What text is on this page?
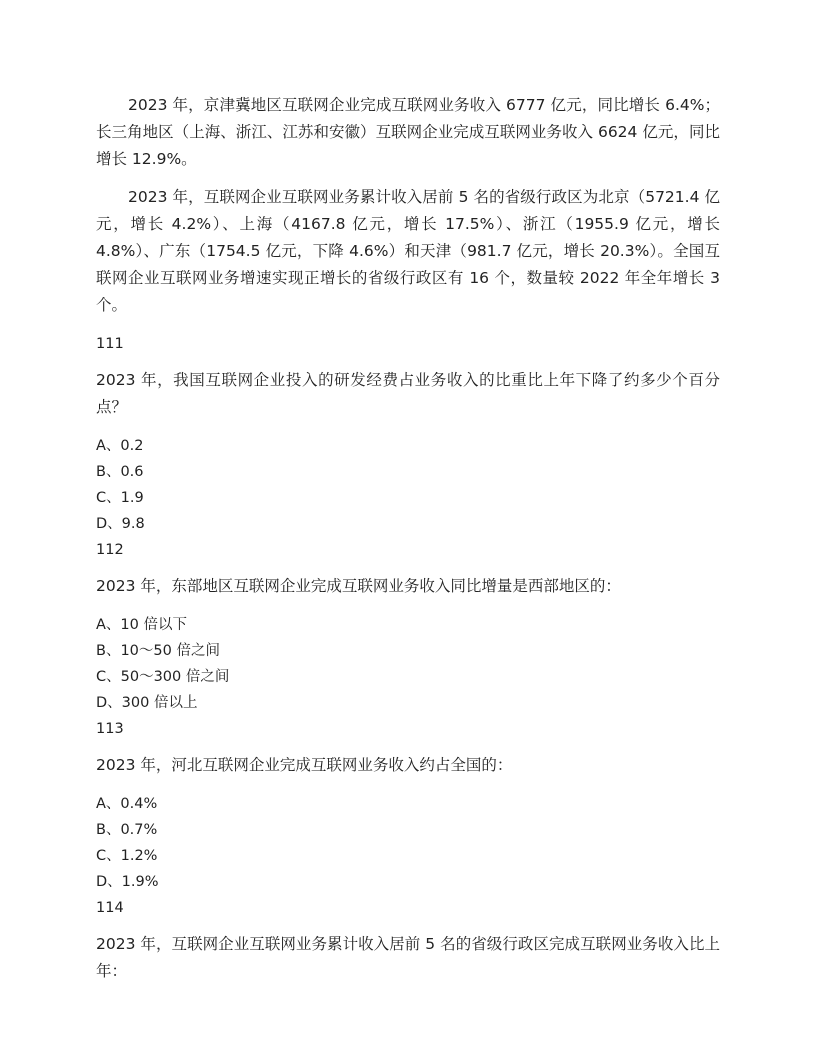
2023 年，京津冀地区互联网企业完成互联网业务收入 6777 亿元，同比增长 6.4%；长三角地区（上海、浙江、江苏和安徽）互联网企业完成互联网业务收入 6624 亿元，同比增长 12.9%。

2023 年，互联网企业互联网业务累计收入居前 5 名的省级行政区为北京（5721.4 亿元，增长 4.2%）、上海（4167.8 亿元，增长 17.5%）、浙江（1955.9 亿元，增长 4.8%）、广东（1754.5 亿元，下降 4.6%）和天津（981.7 亿元，增长 20.3%）。全国互联网企业互联网业务增速实现正增长的省级行政区有 16 个，数量较 2022 年全年增长 3 个。

111
2023 年，我国互联网企业投入的研发经费占业务收入的比重比上年下降了约多少个百分点？
A、0.2
B、0.6
C、1.9
D、9.8
112
2023 年，东部地区互联网企业完成互联网业务收入同比增量是西部地区的：
A、10 倍以下
B、10～50 倍之间
C、50～300 倍之间
D、300 倍以上
113
2023 年，河北互联网企业完成互联网业务收入约占全国的：
A、0.4%
B、0.7%
C、1.2%
D、1.9%
114
2023 年，互联网企业互联网业务累计收入居前 5 名的省级行政区完成互联网业务收入比上年：
